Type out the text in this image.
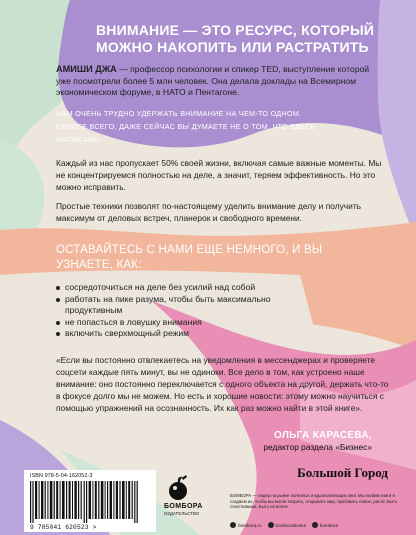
ВНИМАНИЕ — ЭТО РЕСУРС, КОТОРЫЙ МОЖНО НАКОПИТЬ ИЛИ РАСТРАТИТЬ
АМИШИ ДЖА — профессор психологии и спикер TED, выступление которой уже посмотрели более 5 млн человек. Она делала доклады на Всемирном экономическом форуме, в НАТО и Пентагоне.
НАМ ОЧЕНЬ ТРУДНО УДЕРЖАТЬ ВНИМАНИЕ НА ЧЕМ-ТО ОДНОМ. СКОРЕЕ ВСЕГО, ДАЖЕ СЕЙЧАС ВЫ ДУМАЕТЕ НЕ О ТОМ, ЧТО ЗДЕСЬ НАПИСАНО.
Каждый из нас пропускает 50% своей жизни, включая самые важные моменты. Мы не концентрируемся полностью на деле, а значит, теряем эффективность. Но это можно исправить.
Простые техники позволят по-настоящему уделить внимание делу и получить максимум от деловых встреч, планерок и свободного времени.
ОСТАВАЙТЕСЬ С НАМИ ЕЩЕ НЕМНОГО, И ВЫ УЗНАЕТЕ, КАК:
сосредоточиться на деле без усилий над собой
работать на пике разума, чтобы быть максимально продуктивным
не попасться в ловушку внимания
включить сверхмощный режим
«Если вы постоянно отвлекаетесь на уведомления в мессенджерах и проверяете соцсети каждые пять минут, вы не одиноки. Все дело в том, как устроено наше внимание: оно постоянно переключается с одного объекта на другой, держать что-то в фокусе долго мы не можем. Но есть и хорошие новости: этому можно научиться с помощью упражнений на осознанность. Их как раз можно найти в этой книге».
ОЛЬГА КАРАСЕВА,
редактор раздела «Бизнес»
Большой Город
ISBN 978-5-04-162052-3
9 785041 620523 >
БОМБОРА
ИЗДАТЕЛЬСТВО
БОМБОРА — лидер на рынке полезных и вдохновляющих книг. Мы любим книги и создаем их, чтобы вы могли творить, открывать мир, пробовать новое, расти. Быть счастливыми. Быть на волне.
bombora.ru	bomborabooks	bombora
